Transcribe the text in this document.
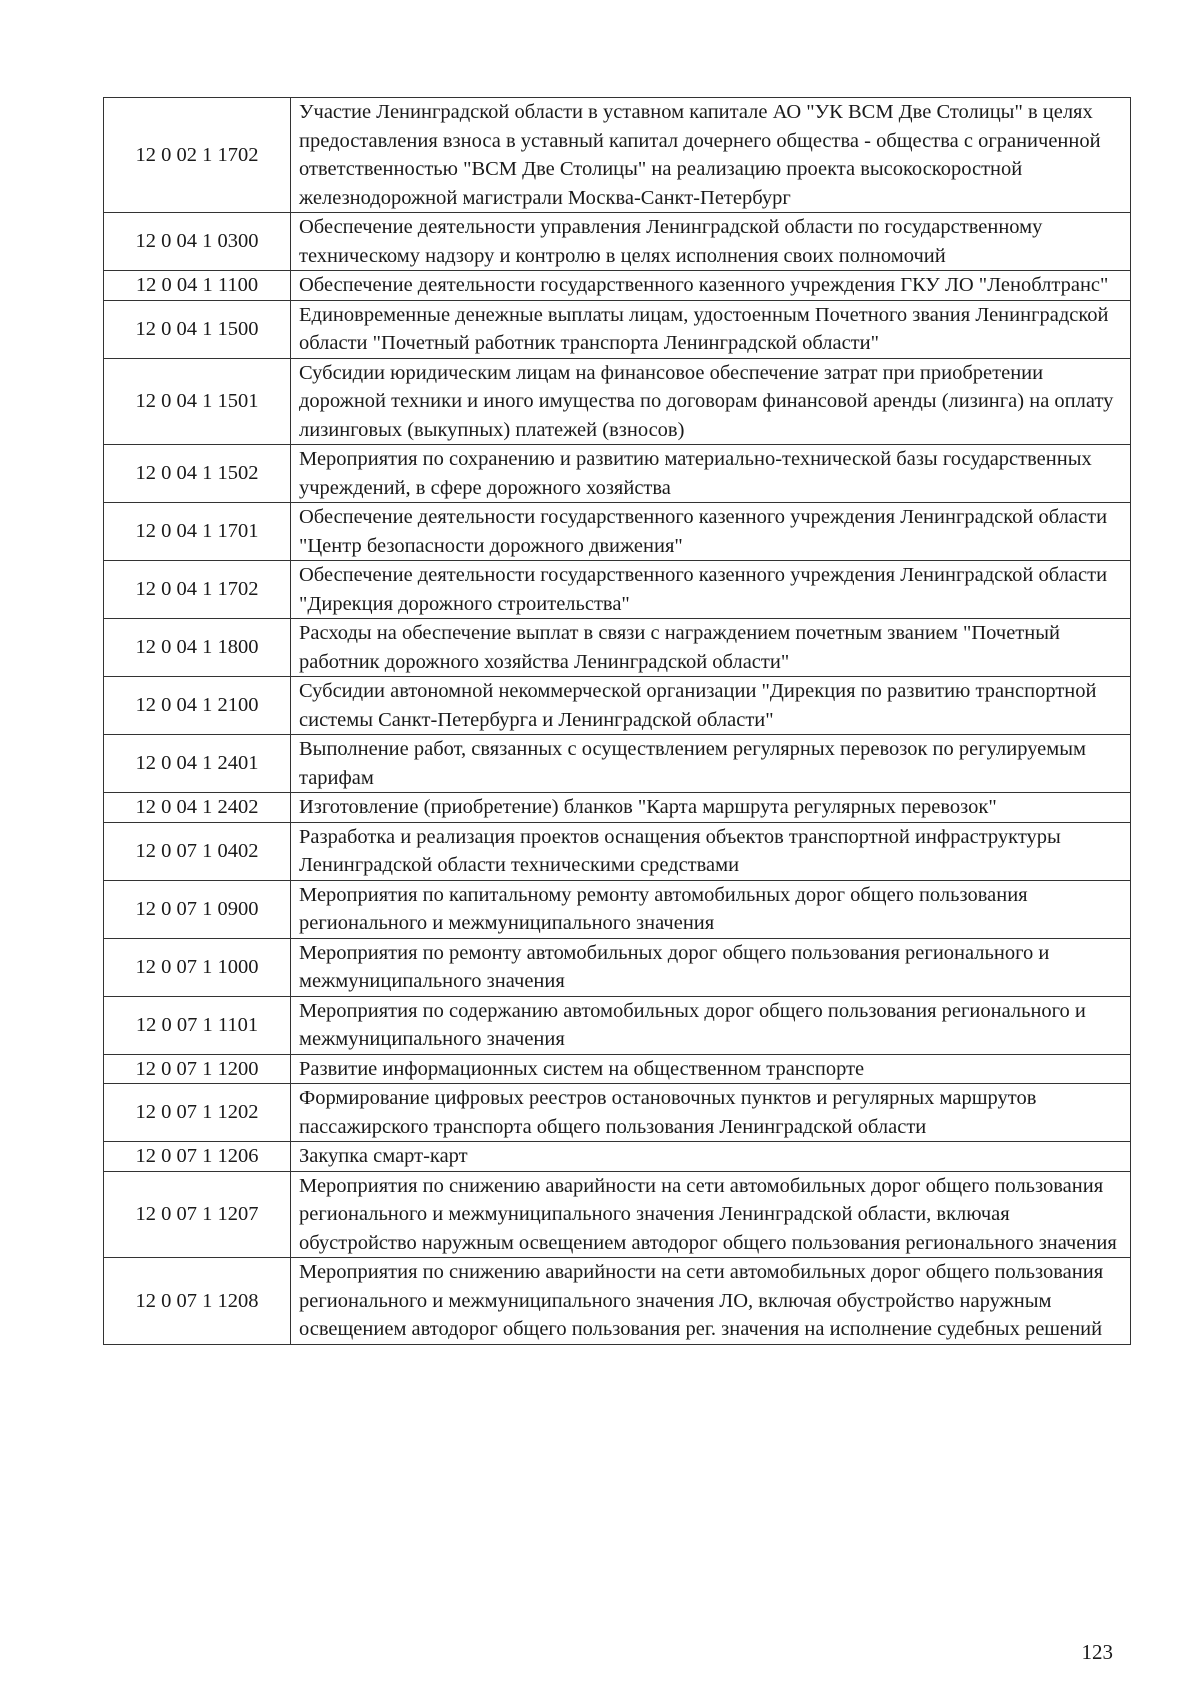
12 0 02 1 1702	Участие Ленинградской области в уставном капитале АО "УК ВСМ Две Столицы" в целях предоставления взноса в уставный капитал дочернего общества - общества с ограниченной ответственностью "ВСМ Две Столицы" на реализацию проекта высокоскоростной железнодорожной магистрали Москва-Санкт-Петербург
12 0 04 1 0300	Обеспечение деятельности управления Ленинградской области по государственному техническому надзору и контролю в целях исполнения своих полномочий
12 0 04 1 1100	Обеспечение деятельности государственного казенного учреждения ГКУ ЛО "Леноблтранс"
12 0 04 1 1500	Единовременные денежные выплаты лицам, удостоенным Почетного звания Ленинградской области "Почетный работник транспорта Ленинградской области"
12 0 04 1 1501	Субсидии юридическим лицам на финансовое обеспечение затрат при приобретении дорожной техники и иного имущества по договорам финансовой аренды (лизинга) на оплату лизинговых (выкупных) платежей (взносов)
12 0 04 1 1502	Мероприятия по сохранению и развитию материально-технической базы государственных учреждений, в сфере дорожного хозяйства
12 0 04 1 1701	Обеспечение деятельности государственного казенного учреждения Ленинградской области "Центр безопасности дорожного движения"
12 0 04 1 1702	Обеспечение деятельности государственного казенного учреждения Ленинградской области "Дирекция дорожного строительства"
12 0 04 1 1800	Расходы на обеспечение выплат в связи с награждением почетным званием "Почетный работник дорожного хозяйства Ленинградской области"
12 0 04 1 2100	Субсидии автономной некоммерческой организации "Дирекция по развитию транспортной системы Санкт-Петербурга и Ленинградской области"
12 0 04 1 2401	Выполнение работ, связанных с осуществлением регулярных перевозок по регулируемым тарифам
12 0 04 1 2402	Изготовление (приобретение) бланков "Карта маршрута регулярных перевозок"
12 0 07 1 0402	Разработка и реализация проектов оснащения объектов транспортной инфраструктуры Ленинградской области техническими средствами
12 0 07 1 0900	Мероприятия по капитальному ремонту автомобильных дорог общего пользования регионального и межмуниципального значения
12 0 07 1 1000	Мероприятия по ремонту автомобильных дорог общего пользования регионального и межмуниципального значения
12 0 07 1 1101	Мероприятия по содержанию автомобильных дорог общего пользования регионального и межмуниципального значения
12 0 07 1 1200	Развитие информационных систем на общественном транспорте
12 0 07 1 1202	Формирование цифровых реестров остановочных пунктов и регулярных маршрутов пассажирского транспорта общего пользования Ленинградской области
12 0 07 1 1206	Закупка смарт-карт
12 0 07 1 1207	Мероприятия по снижению аварийности на сети автомобильных дорог общего пользования регионального и межмуниципального значения Ленинградской области, включая обустройство наружным освещением автодорог общего пользования регионального значения
12 0 07 1 1208	Мероприятия по снижению аварийности на сети автомобильных дорог общего пользования регионального и межмуниципального значения ЛО, включая обустройство наружным освещением автодорог общего пользования рег. значения на исполнение судебных решений
123
